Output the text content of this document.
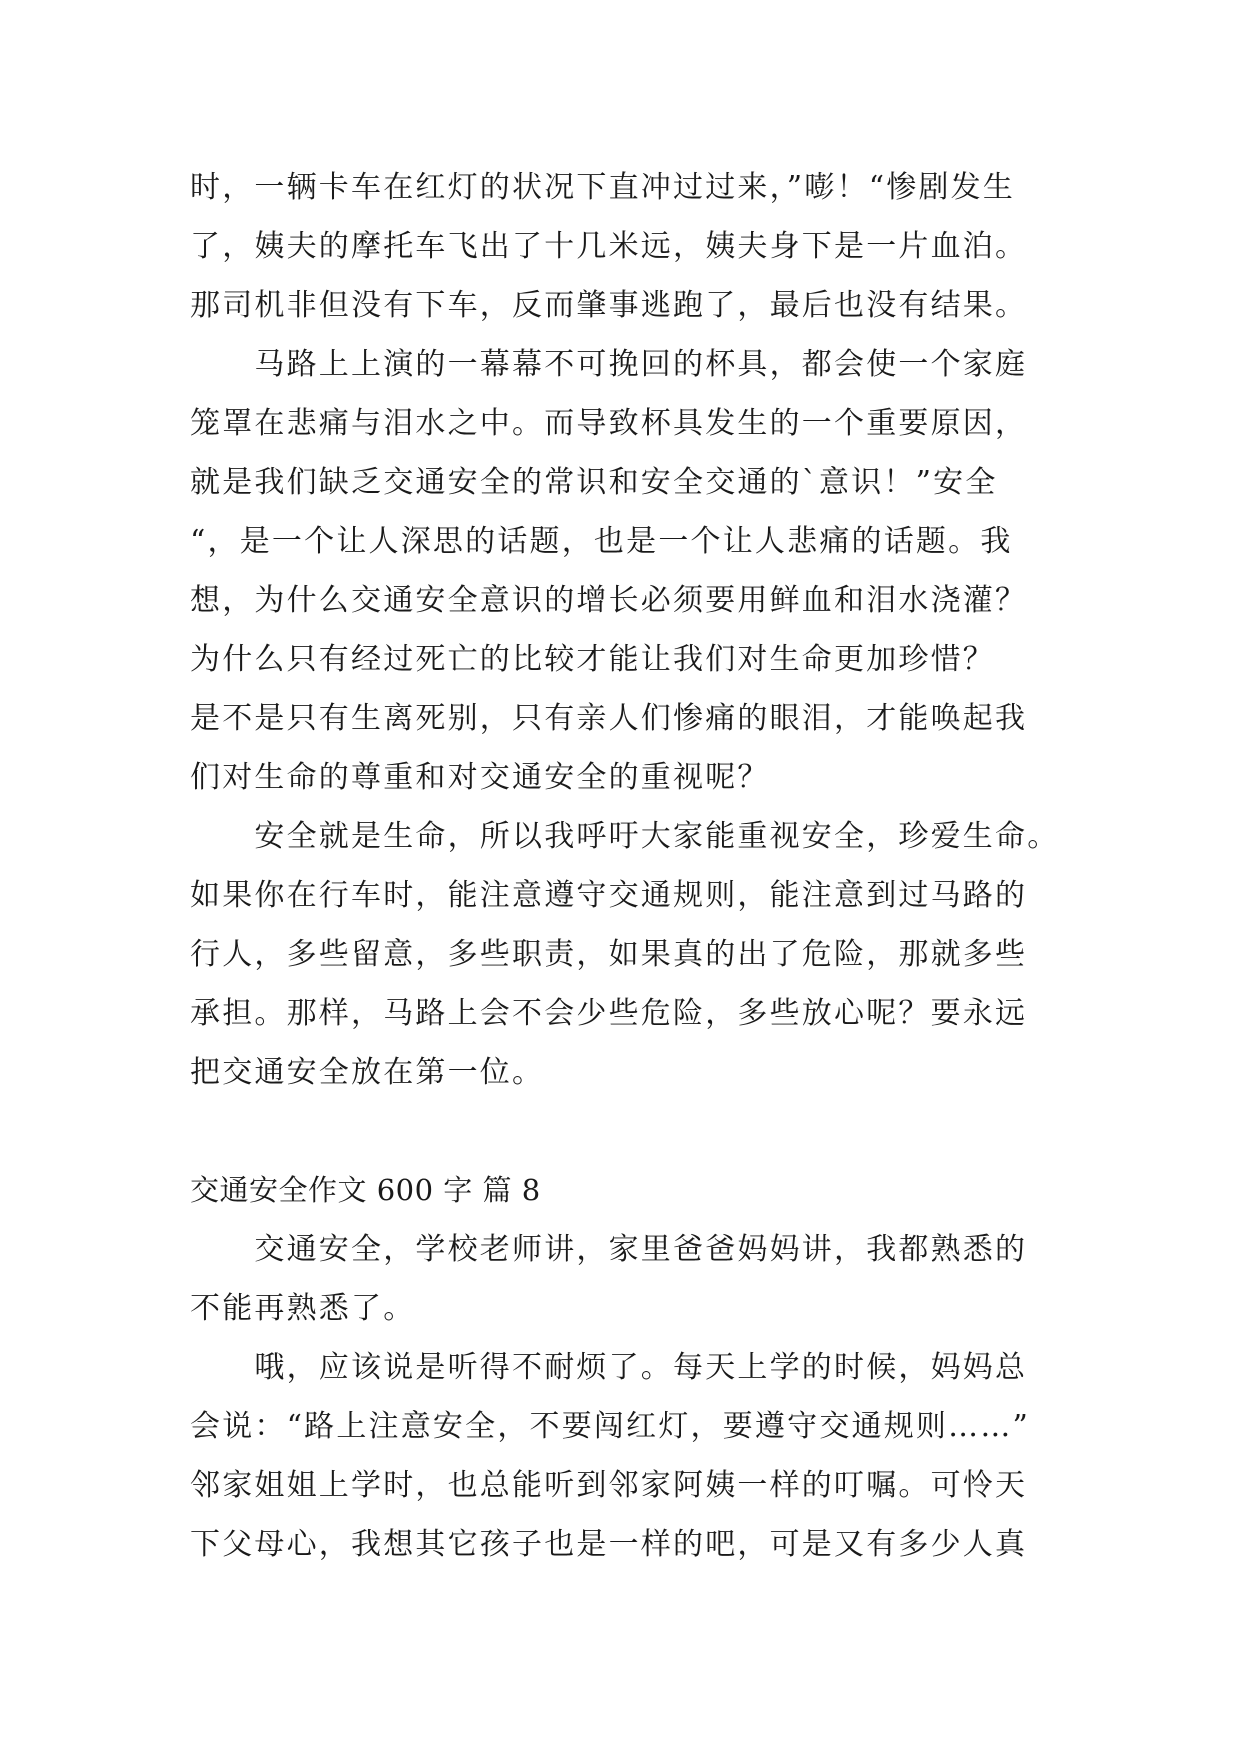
时，一辆卡车在红灯的状况下直冲过过来，”嘭！“惨剧发生
了，姨夫的摩托车飞出了十几米远，姨夫身下是一片血泊。
那司机非但没有下车，反而肇事逃跑了，最后也没有结果。
　　马路上上演的一幕幕不可挽回的杯具，都会使一个家庭
笼罩在悲痛与泪水之中。而导致杯具发生的一个重要原因，
就是我们缺乏交通安全的常识和安全交通的`意识！”安全
“，是一个让人深思的话题，也是一个让人悲痛的话题。我
想，为什么交通安全意识的增长必须要用鲜血和泪水浇灌？
为什么只有经过死亡的比较才能让我们对生命更加珍惜？
是不是只有生离死别，只有亲人们惨痛的眼泪，才能唤起我
们对生命的尊重和对交通安全的重视呢？
　　安全就是生命，所以我呼吁大家能重视安全，珍爱生命。
如果你在行车时，能注意遵守交通规则，能注意到过马路的
行人，多些留意，多些职责，如果真的出了危险，那就多些
承担。那样，马路上会不会少些危险，多些放心呢？要永远
把交通安全放在第一位。
交通安全作文 600 字 篇 8
　　交通安全，学校老师讲，家里爸爸妈妈讲，我都熟悉的
不能再熟悉了。
　　哦，应该说是听得不耐烦了。每天上学的时候，妈妈总
会说：“路上注意安全，不要闯红灯，要遵守交通规则……”
邻家姐姐上学时，也总能听到邻家阿姨一样的叮嘱。可怜天
下父母心，我想其它孩子也是一样的吧，可是又有多少人真
